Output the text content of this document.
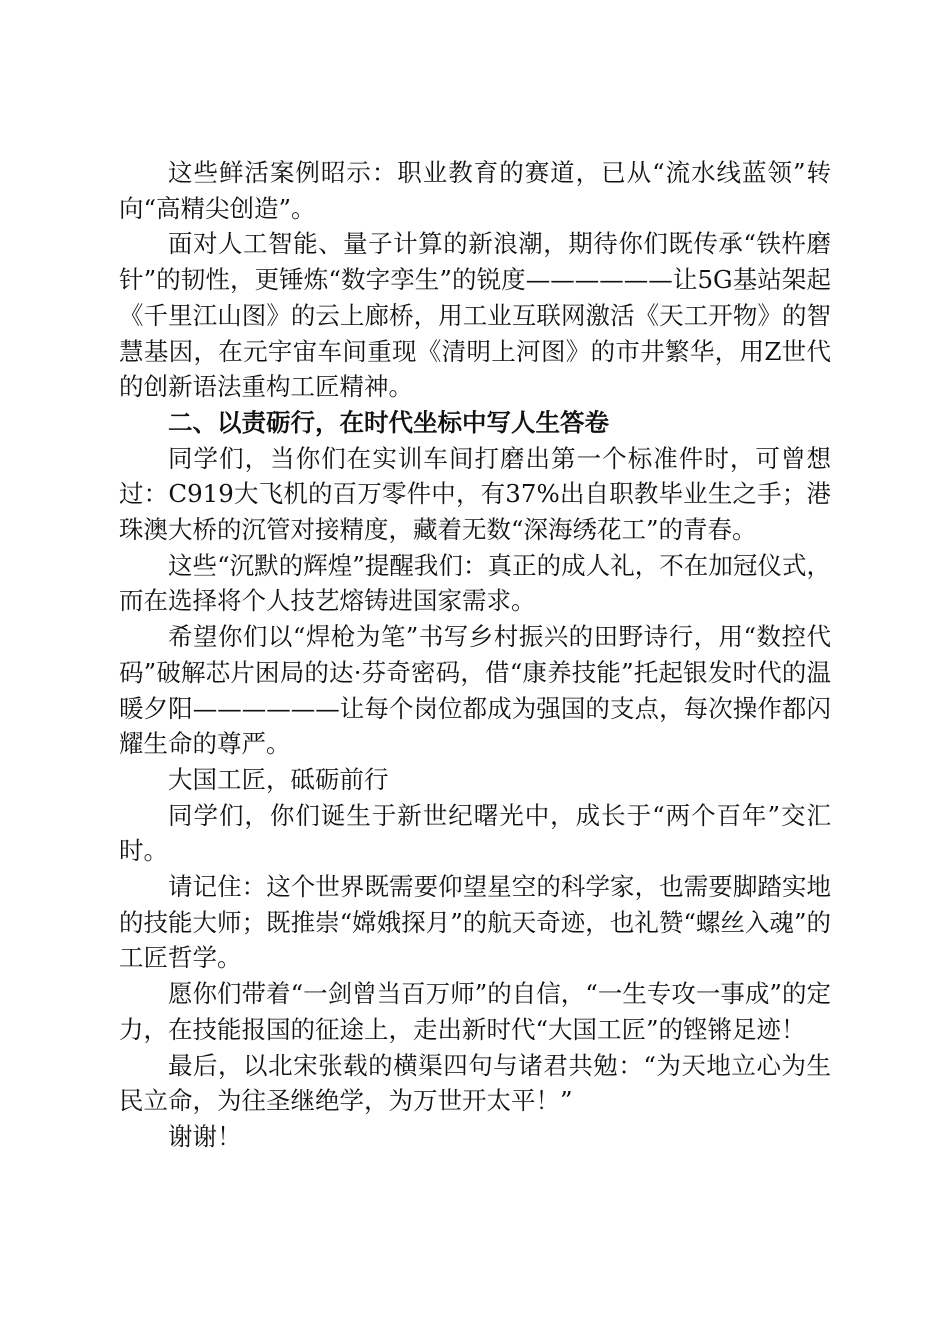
这些鲜活案例昭示：职业教育的赛道，已从“流水线蓝领”转向“高精尖创造”。

面对人工智能、量子计算的新浪潮，期待你们既传承“铁杵磨针”的韧性，更锤炼“数字孪生”的锐度——————让5G基站架起《千里江山图》的云上廊桥，用工业互联网激活《天工开物》的智慧基因，在元宇宙车间重现《清明上河图》的市井繁华，用Z世代的创新语法重构工匠精神。

二、以责砺行，在时代坐标中写人生答卷

同学们，当你们在实训车间打磨出第一个标准件时，可曾想过：C919大飞机的百万零件中，有37%出自职教毕业生之手；港珠澳大桥的沉管对接精度，藏着无数“深海绣花工”的青春。

这些“沉默的辉煌”提醒我们：真正的成人礼，不在加冠仪式，而在选择将个人技艺熔铸进国家需求。

希望你们以“焊枪为笔”书写乡村振兴的田野诗行，用“数控代码”破解芯片困局的达·芬奇密码，借“康养技能”托起银发时代的温暖夕阳——————让每个岗位都成为强国的支点，每次操作都闪耀生命的尊严。

大国工匠，砥砺前行

同学们，你们诞生于新世纪曙光中，成长于“两个百年”交汇时。

请记住：这个世界既需要仰望星空的科学家，也需要脚踏实地的技能大师；既推崇“嫦娥探月”的航天奇迹，也礼赞“螺丝入魂”的工匠哲学。

愿你们带着“一剑曾当百万师”的自信，“一生专攻一事成”的定力，在技能报国的征途上，走出新时代“大国工匠”的铿锵足迹！

最后，以北宋张载的横渠四句与诸君共勉：“为天地立心为生民立命，为往圣继绝学，为万世开太平！”

谢谢！
